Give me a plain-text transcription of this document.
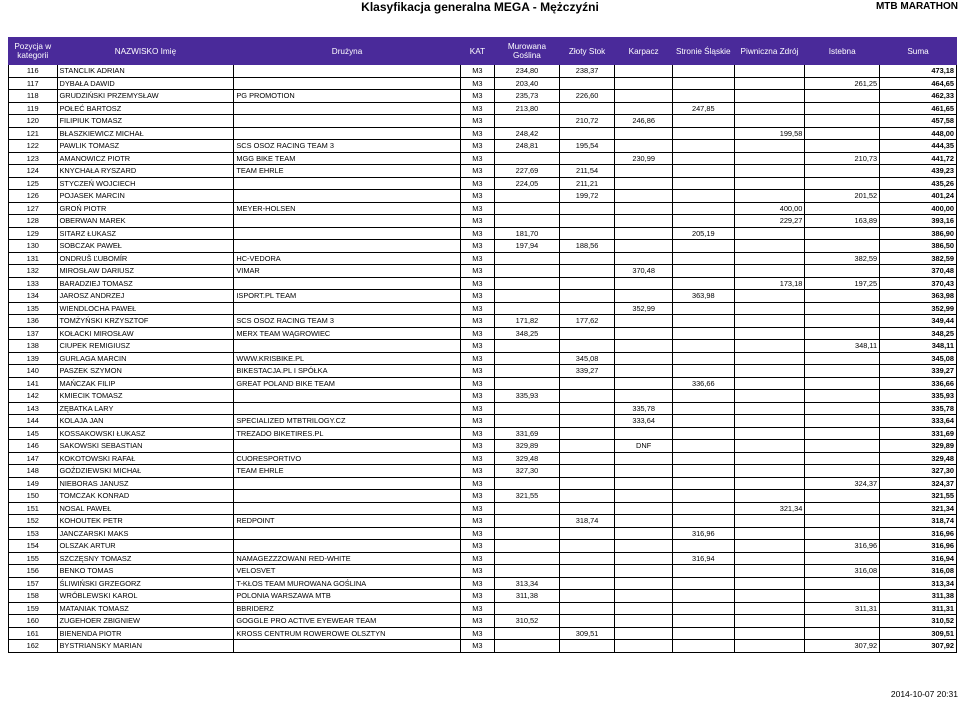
Klasyfikacja generalna MEGA - Mężczyźni	MTB MARATHON
Pozycja w kategorii	NAZWISKO Imię	Drużyna	KAT	Murowana Goślina	Złoty Stok	Karpacz	Stronie Śląskie	Piwniczna Zdrój	Istebna	Suma
116	STANCLIK ADRIAN		M3	234,80	238,37					473,18
117	DYBAŁA DAWID		M3	203,40					261,25	464,65
118	GRUDZIŃSKI PRZEMYSŁAW	PG PROMOTION	M3	235,73	226,60					462,33
119	POŁEĆ BARTOSZ		M3	213,80			247,85			461,65
120	FILIPIUK TOMASZ		M3		210,72	246,86				457,58
121	BŁASZKIEWICZ MICHAŁ		M3	248,42				199,58		448,00
122	PAWLIK TOMASZ	SCS OSOZ RACING TEAM 3	M3	248,81	195,54					444,35
123	AMANOWICZ PIOTR	MGG BIKE TEAM	M3			230,99			210,73	441,72
124	KNYCHAŁA RYSZARD	TEAM EHRLE	M3	227,69	211,54					439,23
125	STYCZEŃ WOJCIECH		M3	224,05	211,21					435,26
126	POJASEK MARCIN		M3		199,72				201,52	401,24
127	GROŃ PIOTR	MEYER-HOLSEN	M3					400,00		400,00
128	OBERWAN MAREK		M3					229,27	163,89	393,16
129	SITARZ ŁUKASZ		M3	181,70			205,19			386,90
130	SOBCZAK PAWEŁ		M3	197,94	188,56					386,50
131	ONDRUŠ ĽUBOMÍR	HC-VEDORA	M3						382,59	382,59
132	MIROSŁAW DARIUSZ	VIMAR	M3			370,48				370,48
133	BARADZIEJ TOMASZ		M3					173,18	197,25	370,43
134	JAROSZ ANDRZEJ	ISPORT.PL TEAM	M3				363,98			363,98
135	WIENDLOCHA PAWEŁ		M3			352,99				352,99
136	TOMŻYŃSKI KRZYSZTOF	SCS OSOZ RACING TEAM 3	M3	171,82	177,62					349,44
137	KOŁACKI MIROSŁAW	MERX TEAM WĄGROWIEC	M3	348,25						348,25
138	CIUPEK REMIGIUSZ		M3						348,11	348,11
139	GURLAGA MARCIN	WWW.KRISBIKE.PL	M3		345,08					345,08
140	PASZEK SZYMON	BIKESTACJA.PL I SPÓŁKA	M3		339,27					339,27
141	MAŃCZAK FILIP	GREAT POLAND BIKE TEAM	M3				336,66			336,66
142	KMIECIK TOMASZ		M3	335,93						335,93
143	ZĘBATKA LARY		M3			335,78				335,78
144	KOLAJA JAN	SPECIALIZED MTBTRILOGY.CZ	M3			333,64				333,64
145	KOSSAKOWSKI ŁUKASZ	TREZADO BIKETIRES.PL	M3	331,69						331,69
146	SAKOWSKI SEBASTIAN		M3	329,89		DNF				329,89
147	KOKOTOWSKI RAFAŁ	CUORESPORTIVO	M3	329,48						329,48
148	GOŹDZIEWSKI MICHAŁ	TEAM EHRLE	M3	327,30						327,30
149	NIEBORAS JANUSZ		M3						324,37	324,37
150	TOMCZAK KONRAD		M3	321,55						321,55
151	NOSAL PAWEŁ		M3					321,34		321,34
152	KOHOUTEK PETR	REDPOINT	M3		318,74					318,74
153	JANCZARSKI MAKS		M3				316,96			316,96
154	OLSZAK ARTUR		M3						316,96	316,96
155	SZCZĘSNY TOMASZ	NAMAGEZZZOWANI RED-WHITE	M3				316,94			316,94
156	BENKO TOMAS	VELOSVET	M3						316,08	316,08
157	ŚLIWIŃSKI GRZEGORZ	T-KŁOS TEAM MUROWANA GOŚLINA	M3	313,34						313,34
158	WRÓBLEWSKI KAROL	POLONIA WARSZAWA MTB	M3	311,38						311,38
159	MATANIAK TOMASZ	BBRIDERZ	M3						311,31	311,31
160	ZUGEHOER ZBIGNIEW	GOGGLE PRO ACTIVE EYEWEAR TEAM	M3	310,52						310,52
161	BIENENDA PIOTR	KROSS CENTRUM ROWEROWE OLSZTYN	M3		309,51					309,51
162	BYSTRIANSKY MARIAN		M3						307,92	307,92
2014-10-07 20:31
